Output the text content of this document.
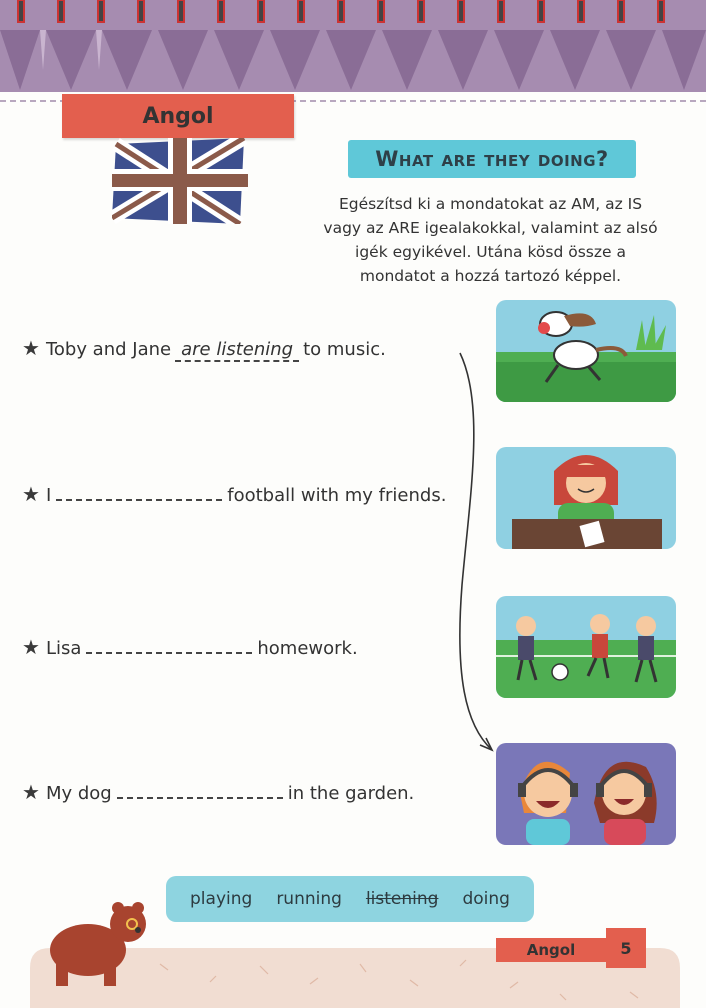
Angol
What are they doing?
Egészítsd ki a mondatokat az AM, az IS vagy az ARE igealakokkal, valamint az alsó igék egyikével. Utána kösd össze a mondatot a hozzá tartozó képpel.
★ Toby and Jane are listening to music.
★ I	football with my friends.
★ Lisa	homework.
★ My dog	in the garden.
playing running listening doing
Angol	5
